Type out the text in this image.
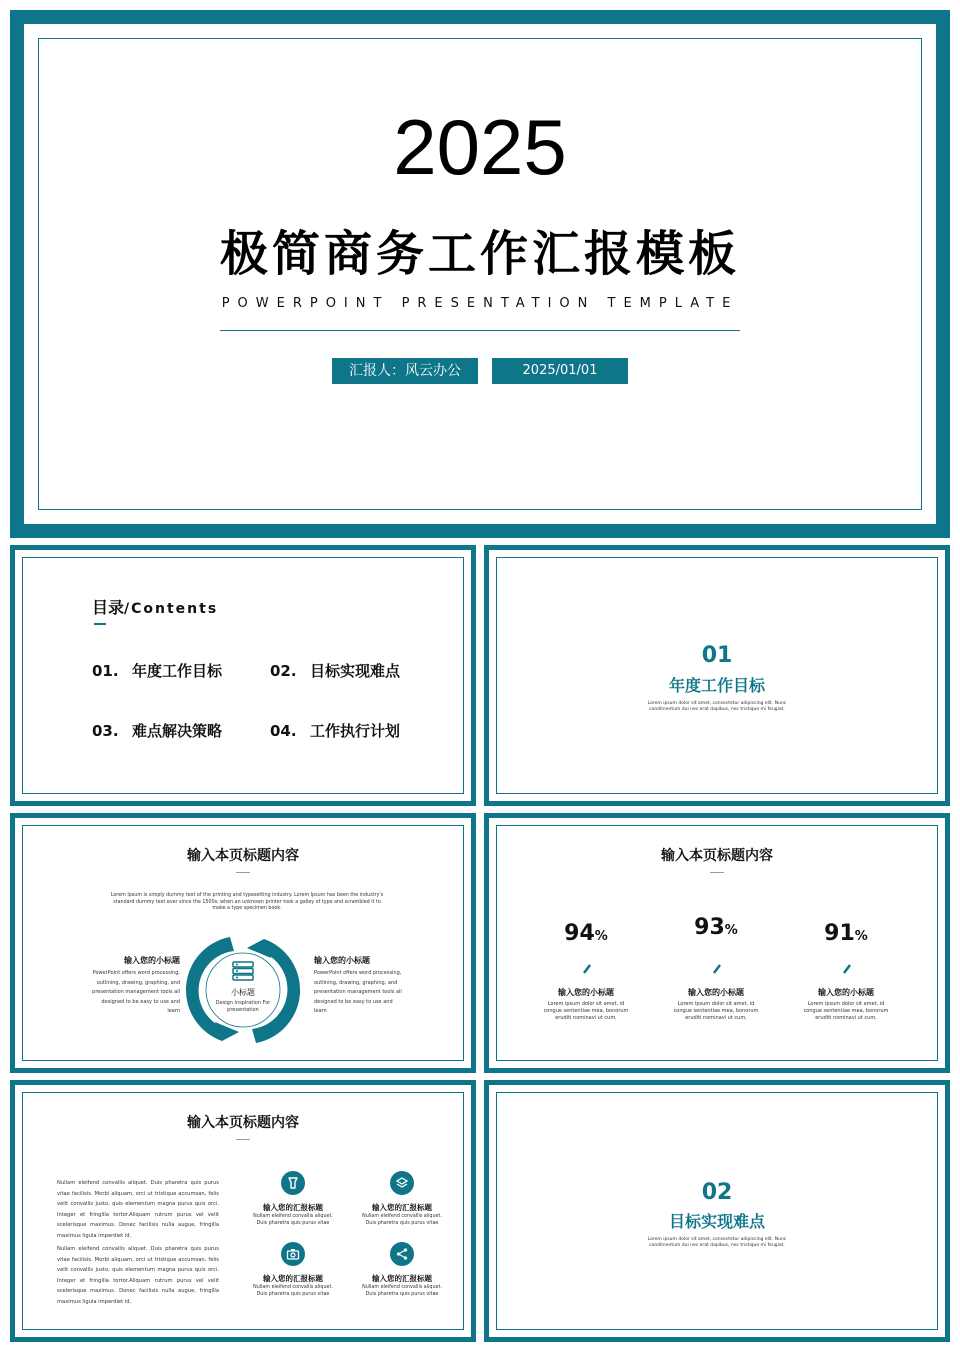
2025
极简商务工作汇报模板
POWERPOINT PRESENTATION TEMPLATE
汇报人：风云办公	2025/01/01
目录/Contents
01. 年度工作目标	02. 目标实现难点
03. 难点解决策略	04. 工作执行计划
01
年度工作目标
Lorem ipsum dolor sit amet, consectetur adipiscing elit. Nunc condimentum dui nec erat dapibus, nec tristique mi feugiat.
输入本页标题内容
Lorem Ipsum is simply dummy text of the printing and typesetting industry. Lorem Ipsum has been the industry's standard dummy text ever since the 1500s, when an unknown printer took a galley of type and scrambled it to make a type specimen book.
输入您的小标题
PowerPoint offers word processing, outlining, drawing, graphing, and presentation management tools all designed to be easy to use and learn
输入您的小标题
PowerPoint offers word processing, outlining, drawing, graphing, and presentation management tools all designed to be easy to use and learn
小标题
Design inspiration For presentation
输入本页标题内容
94%	93%	91%
输入您的小标题
Lorem ipsum dolor sit amet, id congue sententiae mea, bonorum eruditi nominavi ut cum,
输入您的小标题
Lorem ipsum dolor sit amet, id congue sententiae mea, bonorum eruditi nominavi ut cum,
输入您的小标题
Lorem ipsum dolor sit amet, id congue sententiae mea, bonorum eruditi nominavi ut cum,
输入本页标题内容
Nullam eleifend convallis aliquet. Duis pharetra quis purus vitae facilisis. Morbi aliquam, orci ut tristique accumsan, felis velit convallis justo, quis elementum magna purus quis orci. Integer et fringilla tortor.Aliquam rutrum purus vel velit scelerisque maximus. Donec facilisis nulla augue, fringilla maximus ligula imperdiet id.
Nullam eleifend convallis aliquet. Duis pharetra quis purus vitae facilisis. Morbi aliquam, orci ut tristique accumsan, felis velit convallis justo, quis elementum magna purus quis orci. Integer et fringilla tortor.Aliquam rutrum purus vel velit scelerisque maximus. Donec facilisis nulla augue, fringilla maximus ligula imperdiet id.
输入您的汇报标题
Nullam eleifend convallis aliquet. Duis pharetra quis purus vitae
输入您的汇报标题
Nullam eleifend convallis aliquet. Duis pharetra quis purus vitae
输入您的汇报标题
Nullam eleifend convallis aliquet. Duis pharetra quis purus vitae
输入您的汇报标题
Nullam eleifend convallis aliquet. Duis pharetra quis purus vitae
02
目标实现难点
Lorem ipsum dolor sit amet, consectetur adipiscing elit. Nunc condimentum dui nec erat dapibus, nec tristique mi feugiat.
